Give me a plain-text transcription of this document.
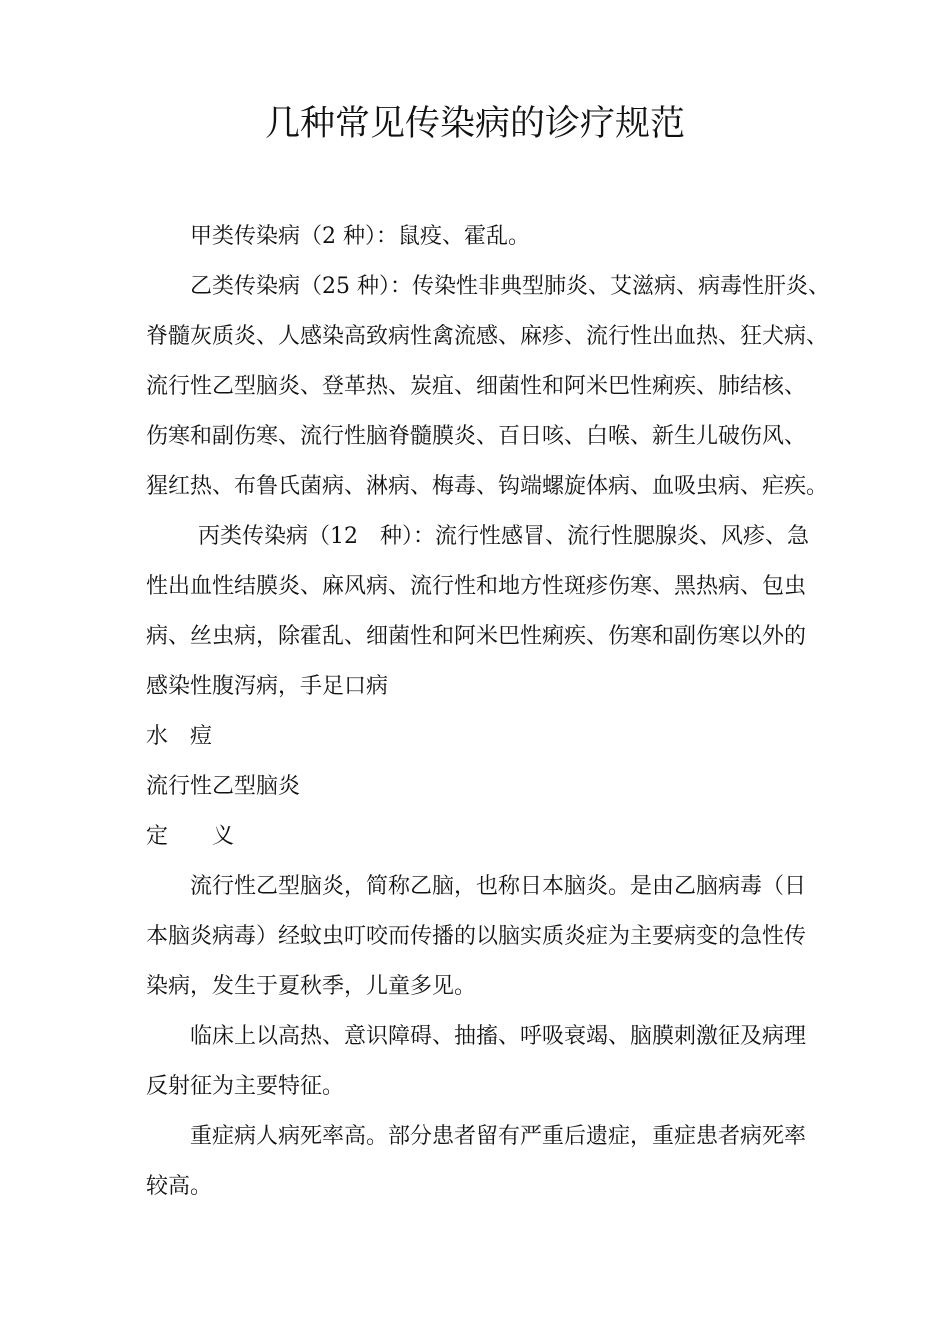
几种常见传染病的诊疗规范
甲类传染病（2 种）：鼠疫、霍乱。
乙类传染病（25 种）：传染性非典型肺炎、艾滋病、病毒性肝炎、
脊髓灰质炎、人感染高致病性禽流感、麻疹、流行性出血热、狂犬病、
流行性乙型脑炎、登革热、炭疽、细菌性和阿米巴性痢疾、肺结核、
伤寒和副伤寒、流行性脑脊髓膜炎、百日咳、白喉、新生儿破伤风、
猩红热、布鲁氏菌病、淋病、梅毒、钩端螺旋体病、血吸虫病、疟疾。
丙类传染病（12　种）：流行性感冒、流行性腮腺炎、风疹、急
性出血性结膜炎、麻风病、流行性和地方性斑疹伤寒、黑热病、包虫
病、丝虫病，除霍乱、细菌性和阿米巴性痢疾、伤寒和副伤寒以外的
感染性腹泻病，手足口病
水　痘
流行性乙型脑炎
定　　义
流行性乙型脑炎，简称乙脑，也称日本脑炎。是由乙脑病毒（日
本脑炎病毒）经蚊虫叮咬而传播的以脑实质炎症为主要病变的急性传
染病，发生于夏秋季，儿童多见。
临床上以高热、意识障碍、抽搐、呼吸衰竭、脑膜刺激征及病理
反射征为主要特征。
重症病人病死率高。部分患者留有严重后遗症，重症患者病死率
较高。
